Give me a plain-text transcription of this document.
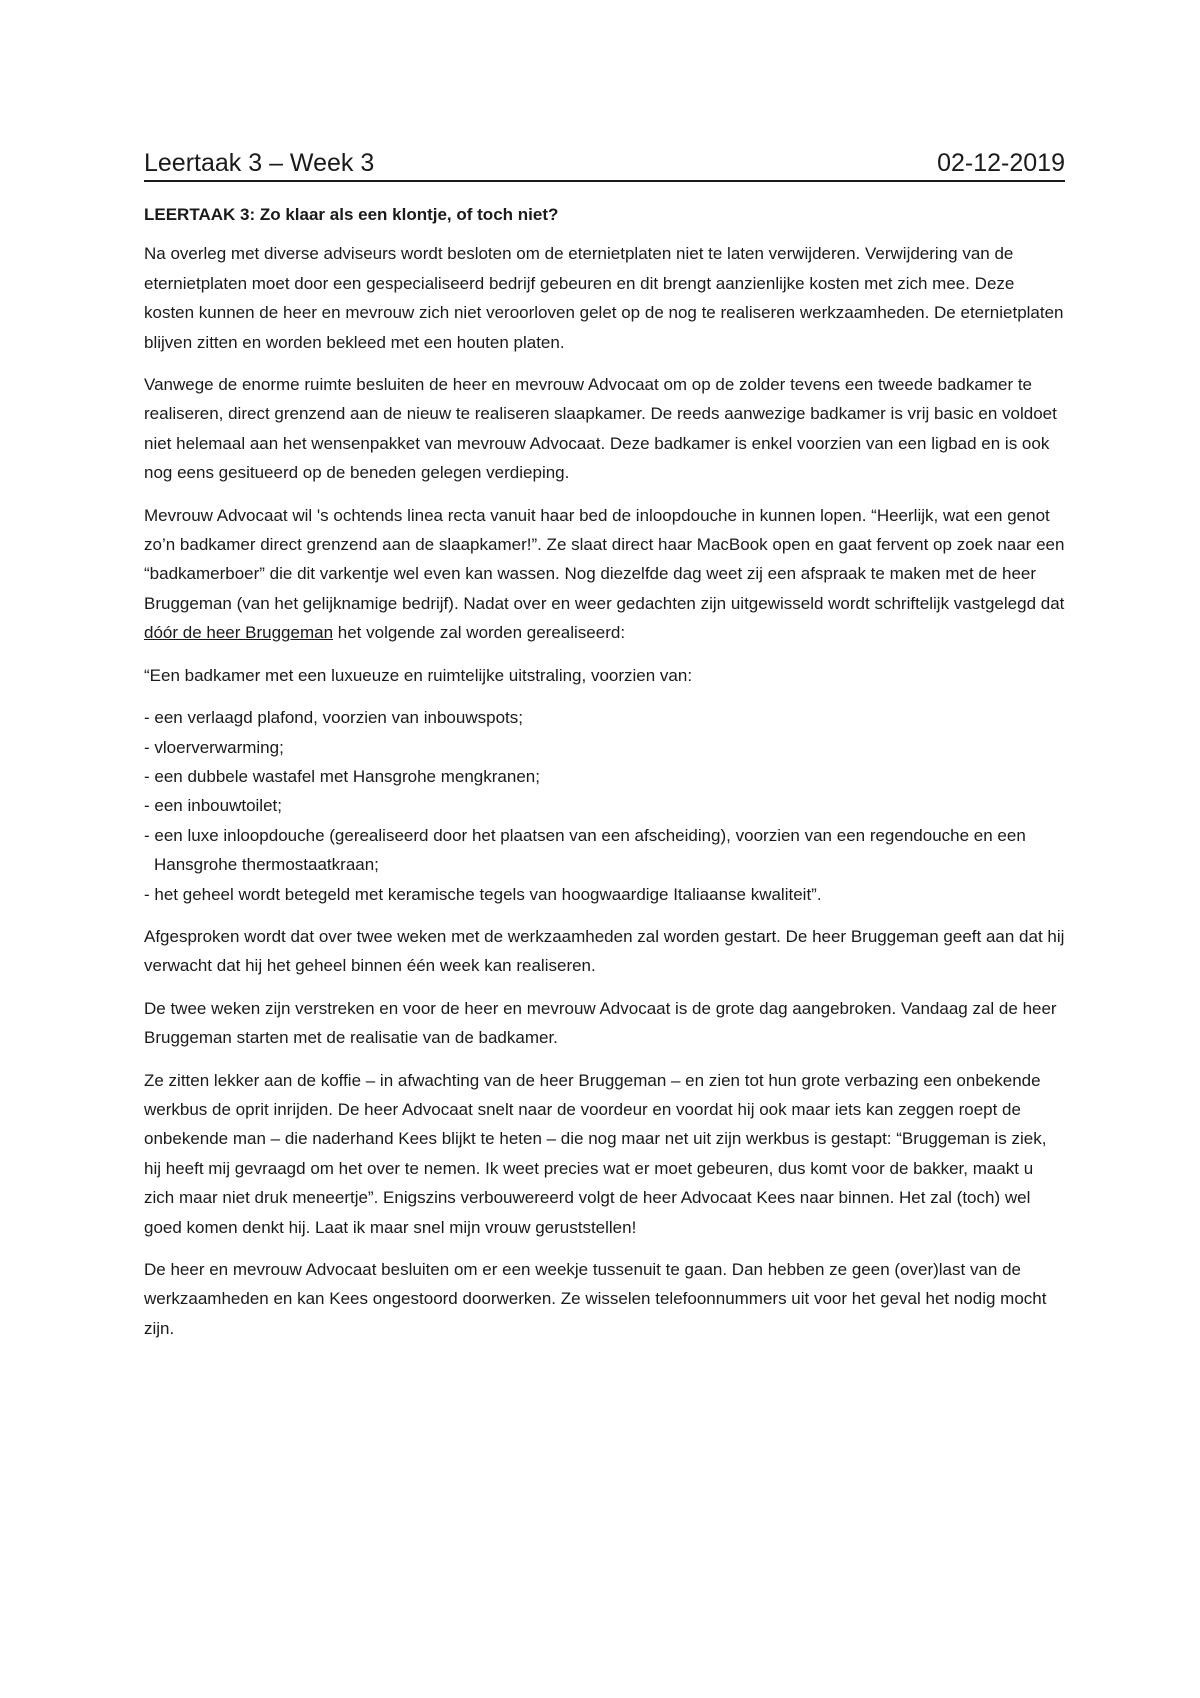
Leertaak 3 – Week 3	02-12-2019
LEERTAAK 3: Zo klaar als een klontje, of toch niet?

Na overleg met diverse adviseurs wordt besloten om de eternietplaten niet te laten verwijderen. Verwijdering van de eternietplaten moet door een gespecialiseerd bedrijf gebeuren en dit brengt aanzienlijke kosten met zich mee. Deze kosten kunnen de heer en mevrouw zich niet veroorloven gelet op de nog te realiseren werkzaamheden. De eternietplaten blijven zitten en worden bekleed met een houten platen.

Vanwege de enorme ruimte besluiten de heer en mevrouw Advocaat om op de zolder tevens een tweede badkamer te realiseren, direct grenzend aan de nieuw te realiseren slaapkamer. De reeds aanwezige badkamer is vrij basic en voldoet niet helemaal aan het wensenpakket van mevrouw Advocaat. Deze badkamer is enkel voorzien van een ligbad en is ook nog eens gesitueerd op de beneden gelegen verdieping.

Mevrouw Advocaat wil 's ochtends linea recta vanuit haar bed de inloopdouche in kunnen lopen. “Heerlijk, wat een genot zo’n badkamer direct grenzend aan de slaapkamer!”. Ze slaat direct haar MacBook open en gaat fervent op zoek naar een “badkamerboer” die dit varkentje wel even kan wassen. Nog diezelfde dag weet zij een afspraak te maken met de heer Bruggeman (van het gelijknamige bedrijf). Nadat over en weer gedachten zijn uitgewisseld wordt schriftelijk vastgelegd dat dóór de heer Bruggeman het volgende zal worden gerealiseerd:

“Een badkamer met een luxueuze en ruimtelijke uitstraling, voorzien van:

- een verlaagd plafond, voorzien van inbouwspots;
- vloerverwarming;
- een dubbele wastafel met Hansgrohe mengkranen;
- een inbouwtoilet;
- een luxe inloopdouche (gerealiseerd door het plaatsen van een afscheiding), voorzien van een regendouche en een Hansgrohe thermostaatkraan;
- het geheel wordt betegeld met keramische tegels van hoogwaardige Italiaanse kwaliteit”.

Afgesproken wordt dat over twee weken met de werkzaamheden zal worden gestart. De heer Bruggeman geeft aan dat hij verwacht dat hij het geheel binnen één week kan realiseren.

De twee weken zijn verstreken en voor de heer en mevrouw Advocaat is de grote dag aangebroken. Vandaag zal de heer Bruggeman starten met de realisatie van de badkamer.

Ze zitten lekker aan de koffie – in afwachting van de heer Bruggeman – en zien tot hun grote verbazing een onbekende werkbus de oprit inrijden. De heer Advocaat snelt naar de voordeur en voordat hij ook maar iets kan zeggen roept de onbekende man – die naderhand Kees blijkt te heten – die nog maar net uit zijn werkbus is gestapt: “Bruggeman is ziek, hij heeft mij gevraagd om het over te nemen. Ik weet precies wat er moet gebeuren, dus komt voor de bakker, maakt u zich maar niet druk meneertje”. Enigszins verbouwereerd volgt de heer Advocaat Kees naar binnen. Het zal (toch) wel goed komen denkt hij. Laat ik maar snel mijn vrouw geruststellen!

De heer en mevrouw Advocaat besluiten om er een weekje tussenuit te gaan. Dan hebben ze geen (over)last van de werkzaamheden en kan Kees ongestoord doorwerken. Ze wisselen telefoonnummers uit voor het geval het nodig mocht zijn.
